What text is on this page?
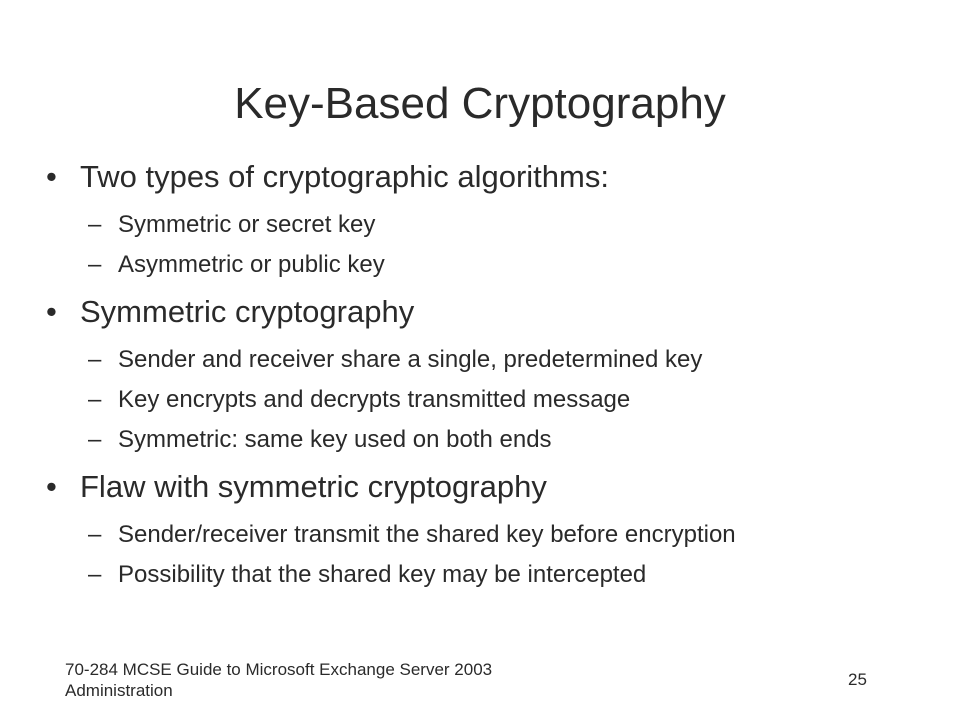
Key-Based Cryptography
• Two types of cryptographic algorithms:
– Symmetric or secret key
– Asymmetric or public key
• Symmetric cryptography
– Sender and receiver share a single, predetermined key
– Key encrypts and decrypts transmitted message
– Symmetric: same key used on both ends
• Flaw with symmetric cryptography
– Sender/receiver transmit the shared key before encryption
– Possibility that the shared key may be intercepted
70-284 MCSE Guide to Microsoft Exchange Server 2003
Administration
25
